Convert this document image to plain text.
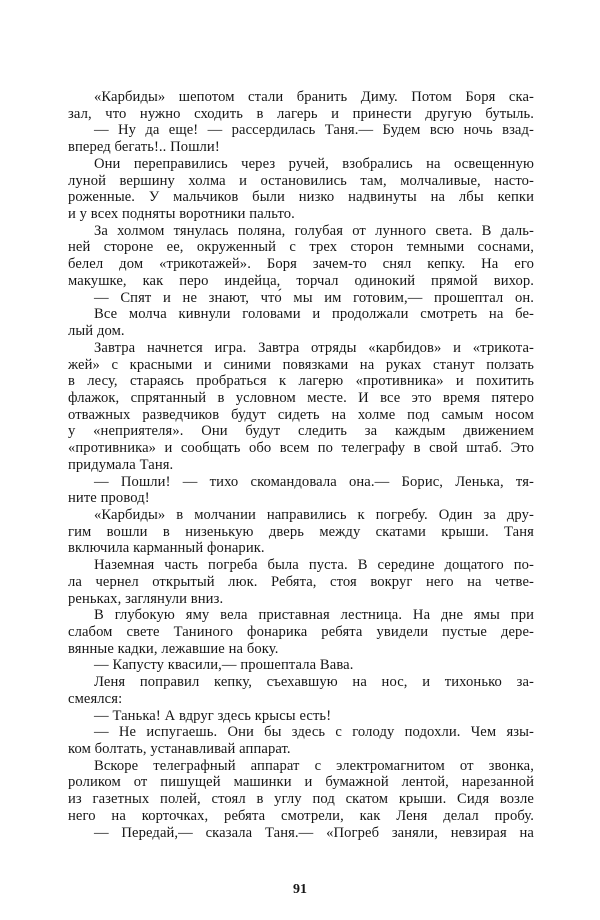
«Карбиды» шепотом стали бранить Диму. Потом Боря ска-
зал, что нужно сходить в лагерь и принести другую бутыль.
— Ну да еще! — рассердилась Таня.— Будем всю ночь взад-
вперед бегать!.. Пошли!
Они переправились через ручей, взобрались на освещенную
луной вершину холма и остановились там, молчаливые, насто-
роженные. У мальчиков были низко надвинуты на лбы кепки
и у всех подняты воротники пальто.
За холмом тянулась поляна, голубая от лунного света. В даль-
ней стороне ее, окруженный с трех сторон темными соснами,
белел дом «трикотажей». Боря зачем-то снял кепку. На его
макушке, как перо индейца, торчал одинокий прямой вихор.
— Спят и не знают, что́ мы им готовим,— прошептал он.
Все молча кивнули головами и продолжали смотреть на бе-
лый дом.
Завтра начнется игра. Завтра отряды «карбидов» и «трикота-
жей» с красными и синими повязками на руках станут ползать
в лесу, стараясь пробраться к лагерю «противника» и похитить
флажок, спрятанный в условном месте. И все это время пятеро
отважных разведчиков будут сидеть на холме под самым носом
у «неприятеля». Они будут следить за каждым движением
«противника» и сообщать обо всем по телеграфу в свой штаб. Это
придумала Таня.
— Пошли! — тихо скомандовала она.— Борис, Ленька, тя-
ните провод!
«Карбиды» в молчании направились к погребу. Один за дру-
гим вошли в низенькую дверь между скатами крыши. Таня
включила карманный фонарик.
Наземная часть погреба была пуста. В середине дощатого по-
ла чернел открытый люк. Ребята, стоя вокруг него на четве-
реньках, заглянули вниз.
В глубокую яму вела приставная лестница. На дне ямы при
слабом свете Таниного фонарика ребята увидели пустые дере-
вянные кадки, лежавшие на боку.
— Капусту квасили,— прошептала Вава.
Леня поправил кепку, съехавшую на нос, и тихонько за-
смеялся:
— Танька! А вдруг здесь крысы есть!
— Не испугаешь. Они бы здесь с голоду подохли. Чем язы-
ком болтать, устанавливай аппарат.
Вскоре телеграфный аппарат с электромагнитом от звонка,
роликом от пишущей машинки и бумажной лентой, нарезанной
из газетных полей, стоял в углу под скатом крыши. Сидя возле
него на корточках, ребята смотрели, как Леня делал пробу.
— Передай,— сказала Таня.— «Погреб заняли, невзирая на
91
